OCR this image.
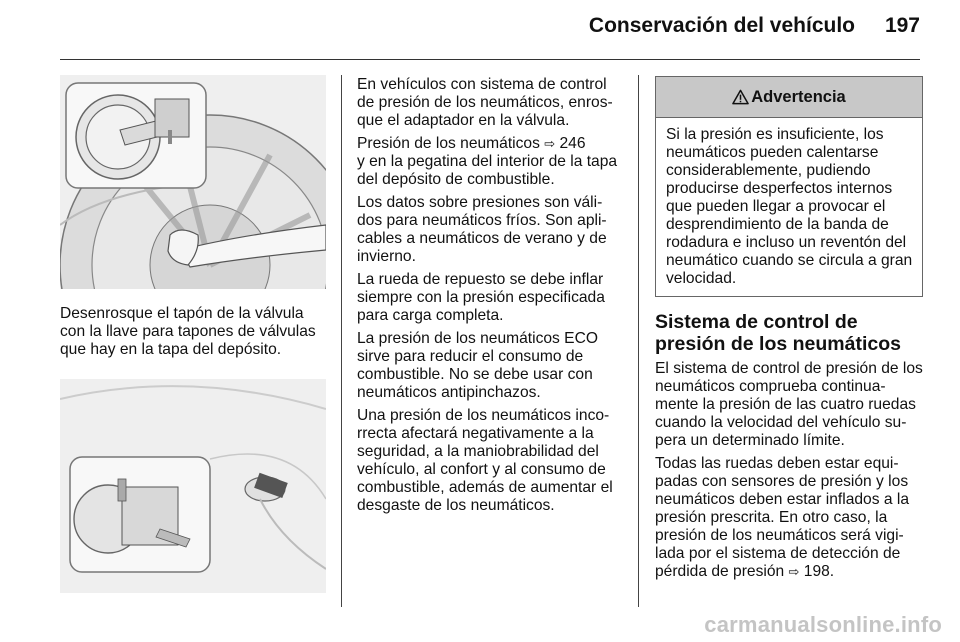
Conservación del vehículo 197
Desenrosque el tapón de la válvula con la llave para tapones de válvulas que hay en la tapa del depósito.

En vehículos con sistema de control de presión de los neumáticos, enros-que el adaptador en la válvula.

Presión de los neumáticos ⇨ 246
y en la pegatina del interior de la tapa del depósito de combustible.

Los datos sobre presiones son váli-dos para neumáticos fríos. Son apli-cables a neumáticos de verano y de invierno.

La rueda de repuesto se debe inflar siempre con la presión especificada para carga completa.

La presión de los neumáticos ECO sirve para reducir el consumo de combustible. No se debe usar con neumáticos antipinchazos.

Una presión de los neumáticos inco-rrecta afectará negativamente a la seguridad, a la maniobrabilidad del vehículo, al confort y al consumo de combustible, además de aumentar el desgaste de los neumáticos.

Advertencia
Si la presión es insuficiente, los neumáticos pueden calentarse considerablemente, pudiendo producirse desperfectos internos que pueden llegar a provocar el desprendimiento de la banda de rodadura e incluso un reventón del neumático cuando se circula a gran velocidad.
Sistema de control de presión de los neumáticos

El sistema de control de presión de los neumáticos comprueba continua-mente la presión de las cuatro ruedas cuando la velocidad del vehículo su-pera un determinado límite.

Todas las ruedas deben estar equi-padas con sensores de presión y los neumáticos deben estar inflados a la presión prescrita. En otro caso, la presión de los neumáticos será vigi-lada por el sistema de detección de pérdida de presión ⇨ 198.

carmanualsonline.info
